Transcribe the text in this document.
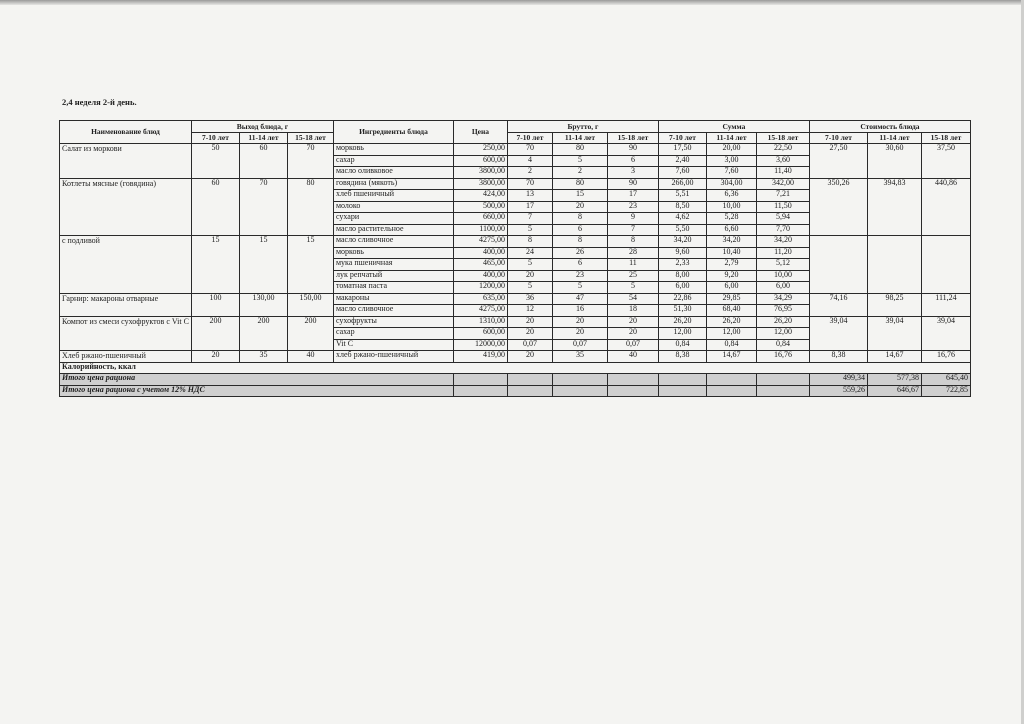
2,4 неделя 2-й день.
Наименование блюд	Выход блюда, г			Ингредиенты блюда	Цена	Брутто, г			Сумма			Стоимость блюда		
	7-10 лет	11-14 лет	15-18 лет			7-10 лет	11-14 лет	15-18 лет	7-10 лет	11-14 лет	15-18 лет	7-10 лет	11-14 лет	15-18 лет
Салат из моркови	50	60	70	морковь	250,00	70	80	90	17,50	20,00	22,50	27,50	30,60	37,50
				сахар	600,00	4	5	6	2,40	3,00	3,60			
				масло оливковое	3800,00	2	2	3	7,60	7,60	11,40			
Котлеты мясные (говядина)	60	70	80	говядина (мякоть)	3800,00	70	80	90	266,00	304,00	342,00	350,26	394,83	440,86
				хлеб пшеничный	424,00	13	15	17	5,51	6,36	7,21			
				молоко	500,00	17	20	23	8,50	10,00	11,50			
				сухари	660,00	7	8	9	4,62	5,28	5,94			
				масло растительное	1100,00	5	6	7	5,50	6,60	7,70			
с подливой	15	15	15	масло сливочное	4275,00	8	8	8	34,20	34,20	34,20			
				морковь	400,00	24	26	28	9,60	10,40	11,20			
				мука пшеничная	465,00	5	6	11	2,33	2,79	5,12			
				лук репчатый	400,00	20	23	25	8,00	9,20	10,00			
				томатная паста	1200,00	5	5	5	6,00	6,00	6,00			
Гарнир: макароны отварные	100	130,00	150,00	макароны	635,00	36	47	54	22,86	29,85	34,29	74,16	98,25	111,24
				масло сливочное	4275,00	12	16	18	51,30	68,40	76,95			
Компот из смеси сухофруктов с Vit C	200	200	200	сухофрукты	1310,00	20	20	20	26,20	26,20	26,20	39,04	39,04	39,04
				сахар	600,00	20	20	20	12,00	12,00	12,00			
				Vit C	12000,00	0,07	0,07	0,07	0,84	0,84	0,84			
Хлеб ржано-пшеничный	20	35	40	хлеб ржано-пшеничный	419,00	20	35	40	8,38	14,67	16,76	8,38	14,67	16,76
Калорийность, ккал														
Итого цена рациона												499,34	577,38	645,40
Итого цена рациона с учетом 12% НДС												559,26	646,67	722,85
